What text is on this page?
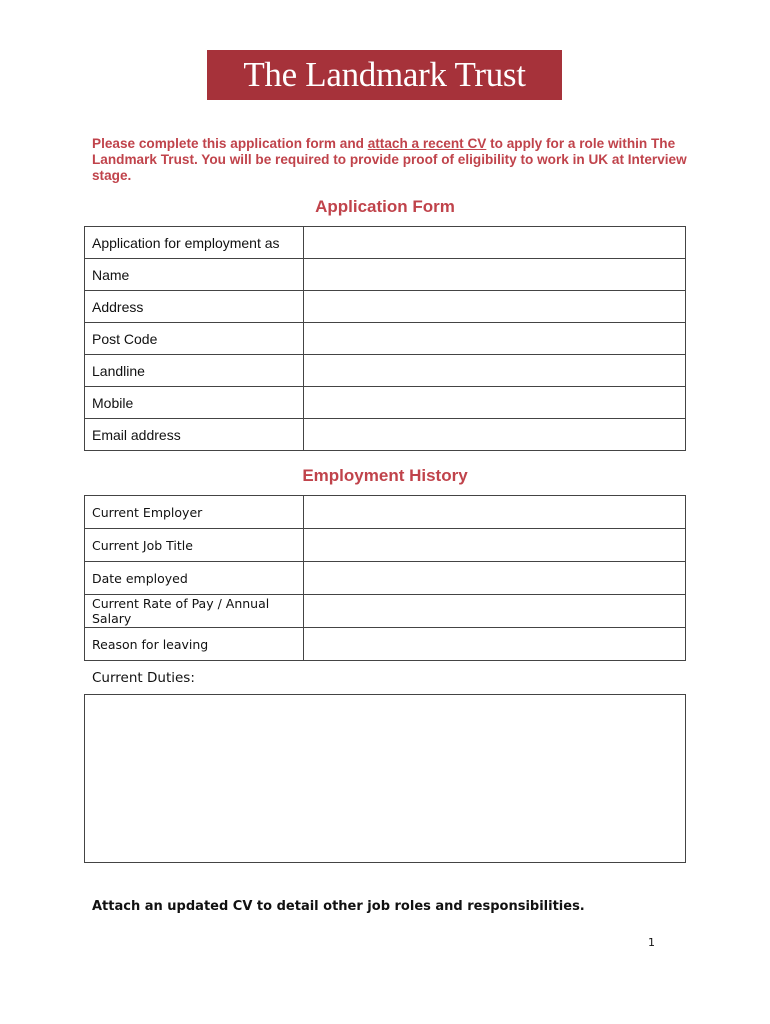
The Landmark Trust
Please complete this application form and attach a recent CV to apply for a role within The Landmark Trust. You will be required to provide proof of eligibility to work in UK at Interview stage.
Application Form
Application for employment as	
Name	
Address	
Post Code	
Landline	
Mobile	
Email address	
Employment History
Current Employer	
Current Job Title	
Date employed	
Current Rate of Pay / Annual Salary	
Reason for leaving	
Current Duties:
Attach an updated CV to detail other job roles and responsibilities.
1
